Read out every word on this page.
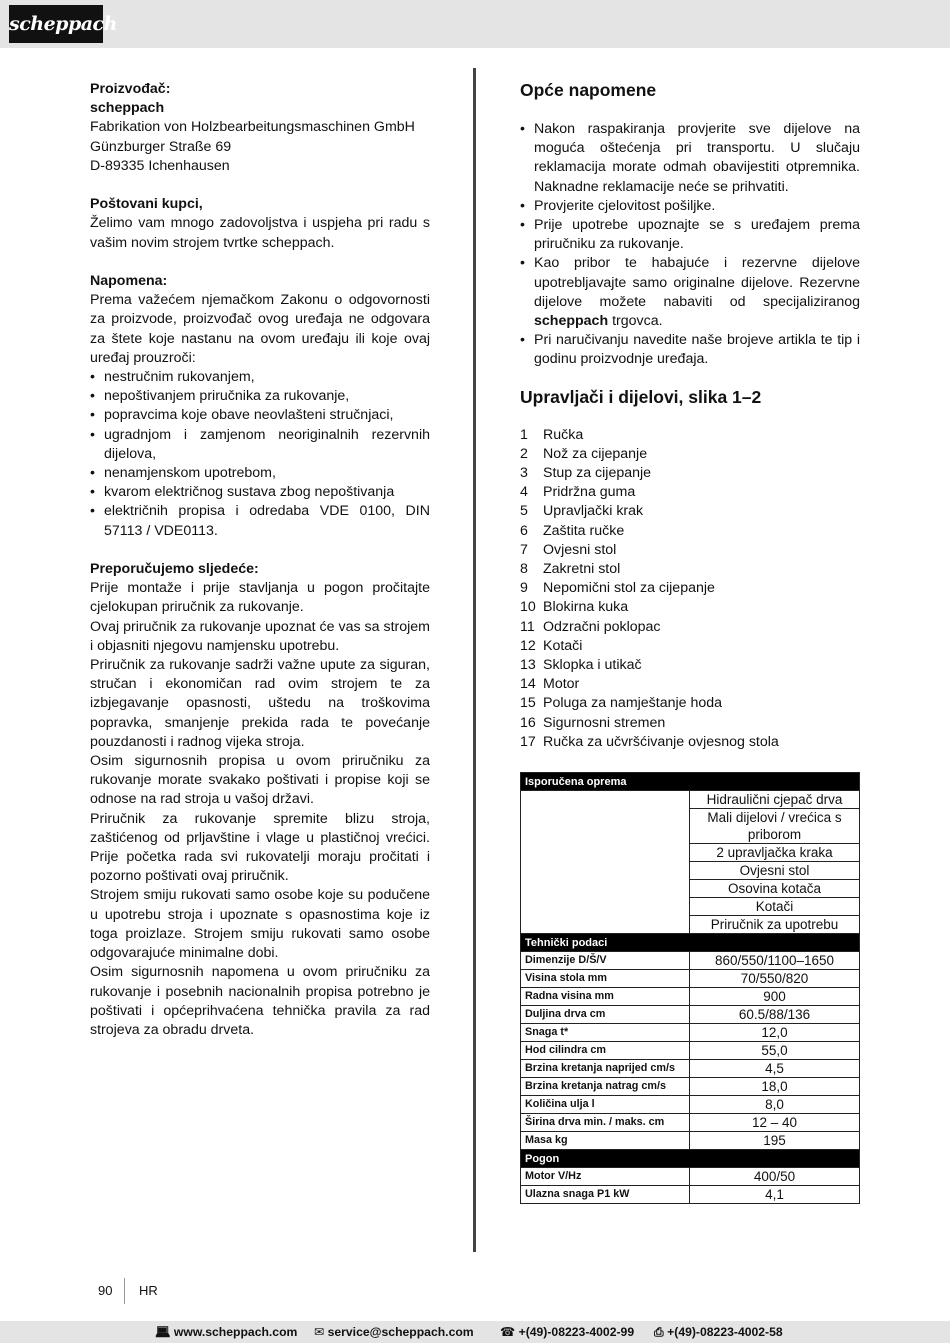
scheppach

Proizvođač:

scheppach

Fabrikation von Holzbearbeitungsmaschinen GmbH

Günzburger Straße 69

D-89335 Ichenhausen

Poštovani kupci,

Želimo vam mnogo zadovoljstva i uspjeha pri radu s vašim novim strojem tvrtke scheppach.

Napomena:

Prema važećem njemačkom Zakonu o odgovornosti za proizvode, proizvođač ovog uređaja ne odgovara za štete koje nastanu na ovom uređaju ili koje ovaj uređaj prouzroči:

• nestručnim rukovanjem,
• nepoštivanjem priručnika za rukovanje,
• popravcima koje obave neovlašteni stručnjaci,
• ugradnjom i zamjenom neoriginalnih rezervnih dijelova,
• nenamjenskom upotrebom,
• kvarom električnog sustava zbog nepoštivanja
• električnih propisa i odredaba VDE 0100, DIN 57113 / VDE0113.

Preporučujemo sljedeće:

Prije montaže i prije stavljanja u pogon pročitajte cjelokupan priručnik za rukovanje.

Ovaj priručnik za rukovanje upoznat će vas sa strojem i objasniti njegovu namjensku upotrebu.

Priručnik za rukovanje sadrži važne upute za siguran, stručan i ekonomičan rad ovim strojem te za izbjegavanje opasnosti, uštedu na troškovima popravka, smanjenje prekida rada te povećanje pouzdanosti i radnog vijeka stroja.

Osim sigurnosnih propisa u ovom priručniku za rukovanje morate svakako poštivati i propise koji se odnose na rad stroja u vašoj državi.

Priručnik za rukovanje spremite blizu stroja, zaštićenog od prljavštine i vlage u plastičnoj vrećici. Prije početka rada svi rukovatelji moraju pročitati i pozorno poštivati ovaj priručnik.

Strojem smiju rukovati samo osobe koje su podučene u upotrebu stroja i upoznate s opasnostima koje iz toga proizlaze. Strojem smiju rukovati samo osobe odgovarajuće minimalne dobi.

Osim sigurnosnih napomena u ovom priručniku za rukovanje i posebnih nacionalnih propisa potrebno je poštivati i općeprihvaćena tehnička pravila za rad strojeva za obradu drveta.

Opće napomene
• Nakon raspakiranja provjerite sve dijelove na moguća oštećenja pri transportu. U slučaju reklamacija morate odmah obavijestiti otpremnika. Naknadne reklamacije neće se prihvatiti.
• Provjerite cjelovitost pošiljke.
• Prije upotrebe upoznajte se s uređajem prema priručniku za rukovanje.
• Kao pribor te habajuće i rezervne dijelove upotrebljavajte samo originalne dijelove. Rezervne dijelove možete nabaviti od specijaliziranog scheppach trgovca.
• Pri naručivanju navedite naše brojeve artikla te tip i godinu proizvodnje uređaja.
Upravljači i dijelovi, slika 1–2
1	Ručka
2	Nož za cijepanje
3	Stup za cijepanje
4	Pridržna guma
5	Upravljački krak
6	Zaštita ručke
7	Ovjesni stol
8	Zakretni stol
9	Nepomični stol za cijepanje
10 Blokirna kuka
11 Odzračni poklopac
12 Kotači
13 Sklopka i utikač
14 Motor
15 Poluga za namještanje hoda
16 Sigurnosni stremen
17 Ručka za učvršćivanje ovjesnog stola
Isporučena oprema	
	Hidraulični cjepač drva
	Mali dijelovi / vrećica s priborom
	2 upravljačka kraka
	Ovjesni stol
	Osovina kotača
	Kotači
	Priručnik za upotrebu
Tehnički podaci	
Dimenzije D/Š/V	860/550/1100–1650
Visina stola mm	70/550/820
Radna visina mm	900
Duljina drva cm	60.5/88/136
Snaga t*	12,0
Hod cilindra cm	55,0
Brzina kretanja naprijed cm/s	4,5
Brzina kretanja natrag cm/s	18,0
Količina ulja l	8,0
Širina drva min. / maks. cm	12 – 40
Masa kg	195
Pogon	
Motor V/Hz	400/50
Ulazna snaga P1 kW	4,1
90 HR
💻︎ www.scheppach.com ✉︎ service@scheppach.com ☎︎ +(49)-08223-4002-99 ⎙ +(49)-08223-4002-58
